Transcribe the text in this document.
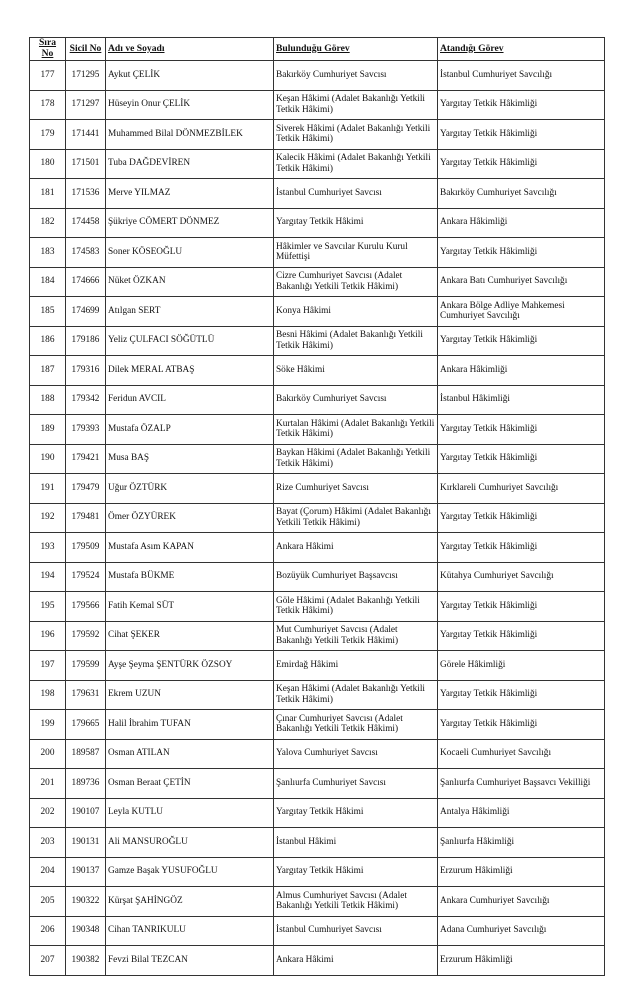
Sıra No	Sicil No	Adı ve Soyadı	Bulunduğu Görev	Atandığı Görev
177	171295	Aykut ÇELİK	Bakırköy Cumhuriyet Savcısı	İstanbul Cumhuriyet Savcılığı
178	171297	Hüseyin Onur ÇELİK	Keşan Hâkimi (Adalet Bakanlığı Yetkili Tetkik Hâkimi)	Yargıtay Tetkik Hâkimliği
179	171441	Muhammed Bilal DÖNMEZBİLEK	Siverek Hâkimi (Adalet Bakanlığı Yetkili Tetkik Hâkimi)	Yargıtay Tetkik Hâkimliği
180	171501	Tuba DAĞDEVİREN	Kalecik Hâkimi (Adalet Bakanlığı Yetkili Tetkik Hâkimi)	Yargıtay Tetkik Hâkimliği
181	171536	Merve YILMAZ	İstanbul Cumhuriyet Savcısı	Bakırköy Cumhuriyet Savcılığı
182	174458	Şükriye CÖMERT DÖNMEZ	Yargıtay Tetkik Hâkimi	Ankara Hâkimliği
183	174583	Soner KÖSEOĞLU	Hâkimler ve Savcılar Kurulu Kurul Müfettişi	Yargıtay Tetkik Hâkimliği
184	174666	Nüket ÖZKAN	Cizre Cumhuriyet Savcısı (Adalet Bakanlığı Yetkili Tetkik Hâkimi)	Ankara Batı Cumhuriyet Savcılığı
185	174699	Atılgan SERT	Konya Hâkimi	Ankara Bölge Adliye Mahkemesi Cumhuriyet Savcılığı
186	179186	Yeliz ÇULFACI SÖĞÜTLÜ	Besni Hâkimi (Adalet Bakanlığı Yetkili Tetkik Hâkimi)	Yargıtay Tetkik Hâkimliği
187	179316	Dilek MERAL ATBAŞ	Söke Hâkimi	Ankara Hâkimliği
188	179342	Feridun AVCIL	Bakırköy Cumhuriyet Savcısı	İstanbul Hâkimliği
189	179393	Mustafa ÖZALP	Kurtalan Hâkimi (Adalet Bakanlığı Yetkili Tetkik Hâkimi)	Yargıtay Tetkik Hâkimliği
190	179421	Musa BAŞ	Baykan Hâkimi (Adalet Bakanlığı Yetkili Tetkik Hâkimi)	Yargıtay Tetkik Hâkimliği
191	179479	Uğur ÖZTÜRK	Rize Cumhuriyet Savcısı	Kırklareli Cumhuriyet Savcılığı
192	179481	Ömer ÖZYÜREK	Bayat (Çorum) Hâkimi (Adalet Bakanlığı Yetkili Tetkik Hâkimi)	Yargıtay Tetkik Hâkimliği
193	179509	Mustafa Asım KAPAN	Ankara Hâkimi	Yargıtay Tetkik Hâkimliği
194	179524	Mustafa BÜKME	Bozüyük Cumhuriyet Başsavcısı	Kütahya Cumhuriyet Savcılığı
195	179566	Fatih Kemal SÜT	Göle Hâkimi (Adalet Bakanlığı Yetkili Tetkik Hâkimi)	Yargıtay Tetkik Hâkimliği
196	179592	Cihat ŞEKER	Mut Cumhuriyet Savcısı (Adalet Bakanlığı Yetkili Tetkik Hâkimi)	Yargıtay Tetkik Hâkimliği
197	179599	Ayşe Şeyma ŞENTÜRK ÖZSOY	Emirdağ Hâkimi	Görele Hâkimliği
198	179631	Ekrem UZUN	Keşan Hâkimi (Adalet Bakanlığı Yetkili Tetkik Hâkimi)	Yargıtay Tetkik Hâkimliği
199	179665	Halil İbrahim TUFAN	Çınar Cumhuriyet Savcısı (Adalet Bakanlığı Yetkili Tetkik Hâkimi)	Yargıtay Tetkik Hâkimliği
200	189587	Osman ATILAN	Yalova Cumhuriyet Savcısı	Kocaeli Cumhuriyet Savcılığı
201	189736	Osman Beraat ÇETİN	Şanlıurfa Cumhuriyet Savcısı	Şanlıurfa Cumhuriyet Başsavcı Vekilliği
202	190107	Leyla KUTLU	Yargıtay Tetkik Hâkimi	Antalya Hâkimliği
203	190131	Ali MANSUROĞLU	İstanbul Hâkimi	Şanlıurfa Hâkimliği
204	190137	Gamze Başak YUSUFOĞLU	Yargıtay Tetkik Hâkimi	Erzurum Hâkimliği
205	190322	Kürşat ŞAHİNGÖZ	Almus Cumhuriyet Savcısı (Adalet Bakanlığı Yetkili Tetkik Hâkimi)	Ankara Cumhuriyet Savcılığı
206	190348	Cihan TANRIKULU	İstanbul Cumhuriyet Savcısı	Adana Cumhuriyet Savcılığı
207	190382	Fevzi Bilal TEZCAN	Ankara Hâkimi	Erzurum Hâkimliği
